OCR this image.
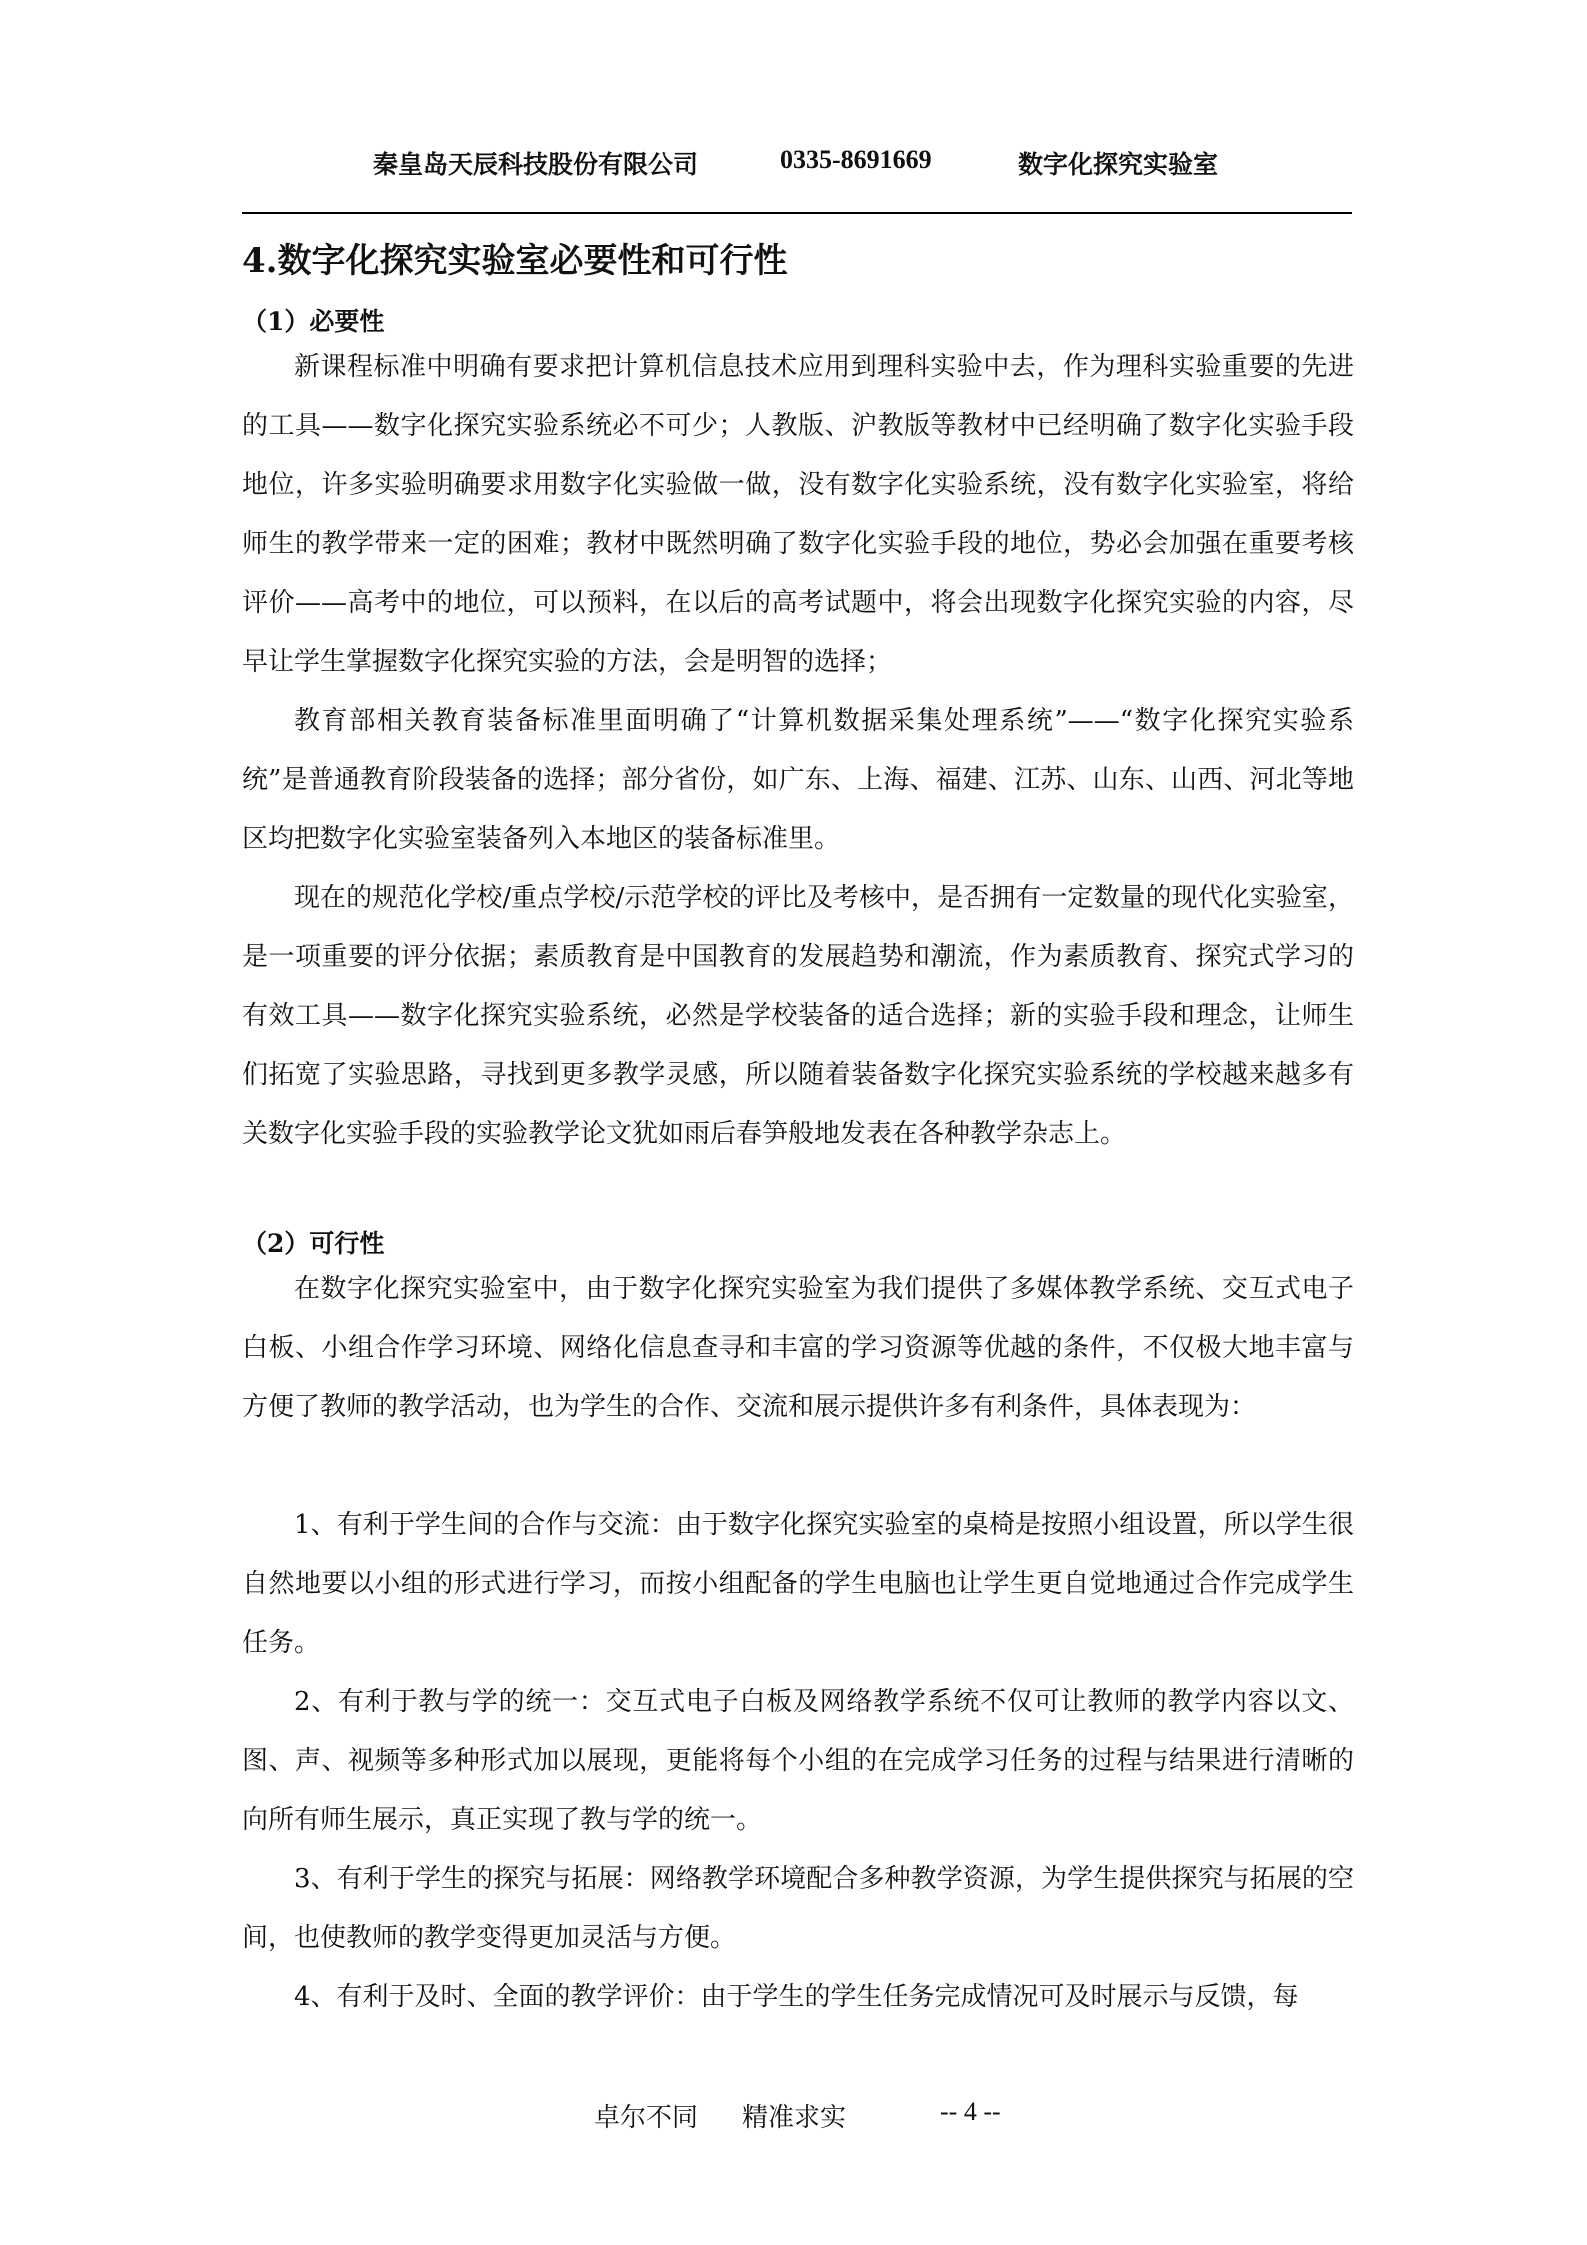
秦皇岛天辰科技股份有限公司	0335-8691669	数字化探究实验室
4.数字化探究实验室必要性和可行性
（1）必要性

新课程标准中明确有要求把计算机信息技术应用到理科实验中去，作为理科实验重要的先进的工具——数字化探究实验系统必不可少；人教版、沪教版等教材中已经明确了数字化实验手段地位，许多实验明确要求用数字化实验做一做，没有数字化实验系统，没有数字化实验室，将给师生的教学带来一定的困难；教材中既然明确了数字化实验手段的地位，势必会加强在重要考核评价——高考中的地位，可以预料，在以后的高考试题中，将会出现数字化探究实验的内容，尽早让学生掌握数字化探究实验的方法，会是明智的选择；

教育部相关教育装备标准里面明确了“计算机数据采集处理系统”——“数字化探究实验系统”是普通教育阶段装备的选择；部分省份，如广东、上海、福建、江苏、山东、山西、河北等地区均把数字化实验室装备列入本地区的装备标准里。

现在的规范化学校/重点学校/示范学校的评比及考核中，是否拥有一定数量的现代化实验室，是一项重要的评分依据；素质教育是中国教育的发展趋势和潮流，作为素质教育、探究式学习的有效工具——数字化探究实验系统，必然是学校装备的适合选择；新的实验手段和理念，让师生们拓宽了实验思路，寻找到更多教学灵感，所以随着装备数字化探究实验系统的学校越来越多有关数字化实验手段的实验教学论文犹如雨后春笋般地发表在各种教学杂志上。

（2）可行性

在数字化探究实验室中，由于数字化探究实验室为我们提供了多媒体教学系统、交互式电子白板、小组合作学习环境、网络化信息查寻和丰富的学习资源等优越的条件，不仅极大地丰富与方便了教师的教学活动，也为学生的合作、交流和展示提供许多有利条件，具体表现为：

1、有利于学生间的合作与交流：由于数字化探究实验室的桌椅是按照小组设置，所以学生很自然地要以小组的形式进行学习，而按小组配备的学生电脑也让学生更自觉地通过合作完成学生任务。

2、有利于教与学的统一：交互式电子白板及网络教学系统不仅可让教师的教学内容以文、图、声、视频等多种形式加以展现，更能将每个小组的在完成学习任务的过程与结果进行清晰的向所有师生展示，真正实现了教与学的统一。

3、有利于学生的探究与拓展：网络教学环境配合多种教学资源，为学生提供探究与拓展的空间，也使教师的教学变得更加灵活与方便。

4、有利于及时、全面的教学评价：由于学生的学生任务完成情况可及时展示与反馈，每

卓尔不同 精准求实	-- 4 --
